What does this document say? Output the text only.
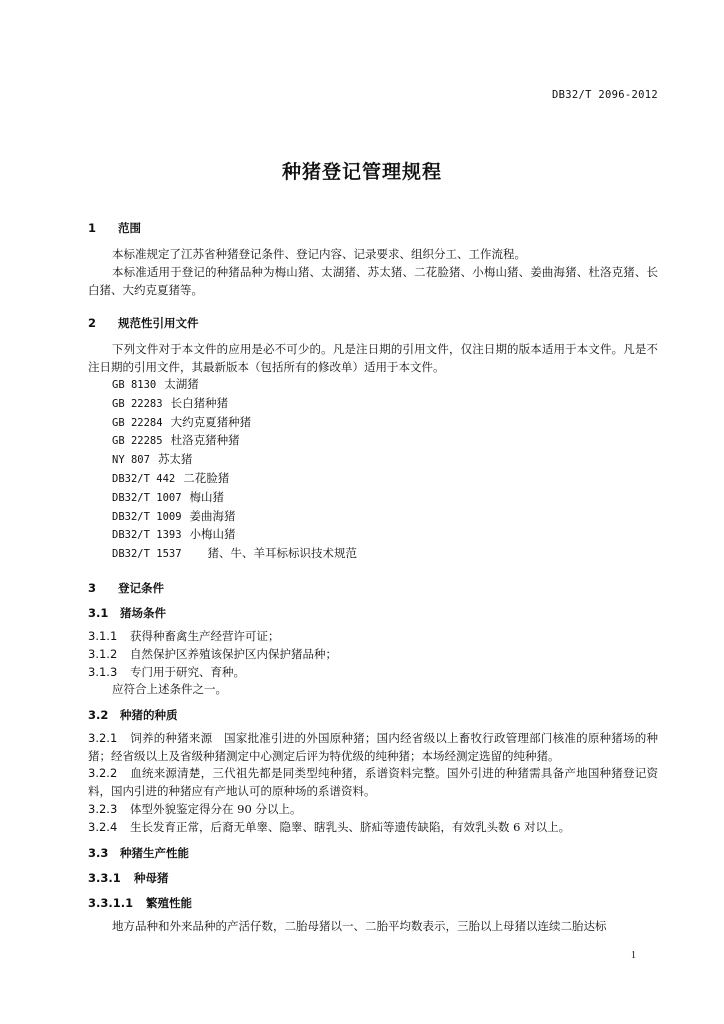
DB32/T 2096-2012
种猪登记管理规程
1 范围
本标准规定了江苏省种猪登记条件、登记内容、记录要求、组织分工、工作流程。
本标准适用于登记的种猪品种为梅山猪、太湖猪、苏太猪、二花脸猪、小梅山猪、姜曲海猪、杜洛克猪、长白猪、大约克夏猪等。
2 规范性引用文件
下列文件对于本文件的应用是必不可少的。凡是注日期的引用文件，仅注日期的版本适用于本文件。凡是不注日期的引用文件，其最新版本（包括所有的修改单）适用于本文件。
GB 8130 太湖猪
GB 22283 长白猪种猪
GB 22284 大约克夏猪种猪
GB 22285 杜洛克猪种猪
NY 807 苏太猪
DB32/T 442 二花脸猪
DB32/T 1007 梅山猪
DB32/T 1009 姜曲海猪
DB32/T 1393 小梅山猪
DB32/T 1537 猪、牛、羊耳标标识技术规范
3 登记条件
3.1 猪场条件
3.1.1 获得种畜禽生产经营许可证；
3.1.2 自然保护区养殖该保护区内保护猪品种；
3.1.3 专门用于研究、育种。
应符合上述条件之一。
3.2 种猪的种质
3.2.1 饲养的种猪来源　国家批准引进的外国原种猪；国内经省级以上畜牧行政管理部门核准的原种猪场的种猪；经省级以上及省级种猪测定中心测定后评为特优级的纯种猪；本场经测定选留的纯种猪。
3.2.2 血统来源清楚，三代祖先都是同类型纯种猪，系谱资料完整。国外引进的种猪需具备产地国种猪登记资料，国内引进的种猪应有产地认可的原种场的系谱资料。
3.2.3 体型外貌鉴定得分在 90 分以上。
3.2.4 生长发育正常，后裔无单睾、隐睾、瞎乳头、脐疝等遗传缺陷，有效乳头数 6 对以上。
3.3 种猪生产性能
3.3.1 种母猪
3.3.1.1 繁殖性能
地方品种和外来品种的产活仔数，二胎母猪以一、二胎平均数表示，三胎以上母猪以连续二胎达标
1
